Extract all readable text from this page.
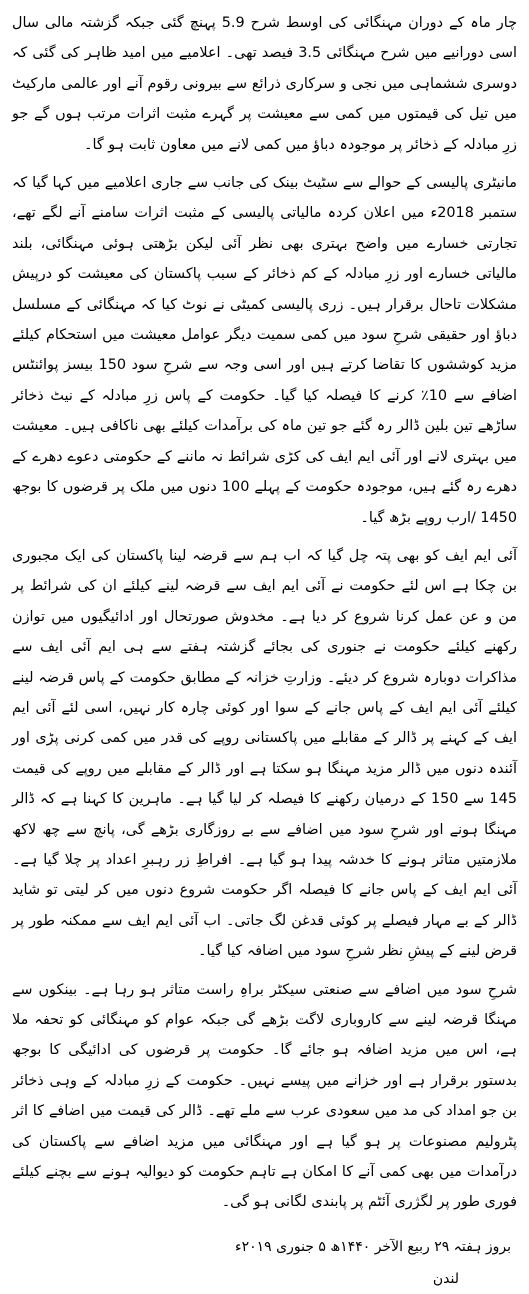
چار ماہ کے دوران مہنگائی کی اوسط شرح 5.9 پہنچ گئی جبکہ گزشتہ مالی سال اسی دورانیے میں شرح مہنگائی 3.5 فیصد تھی۔ اعلامیے میں امید ظاہر کی گئی کہ دوسری ششماہی میں نجی و سرکاری ذرائع سے بیرونی رقوم آنے اور عالمی مارکیٹ میں تیل کی قیمتوں میں کمی سے معیشت پر گہرے مثبت اثرات مرتب ہوں گے جو زرِ مبادلہ کے ذخائر پر موجودہ دباؤ میں کمی لانے میں معاون ثابت ہو گا۔

مانیٹری پالیسی کے حوالے سے سٹیٹ بینک کی جانب سے جاری اعلامیے میں کہا گیا کہ ستمبر 2018ء میں اعلان کردہ مالیاتی پالیسی کے مثبت اثرات سامنے آنے لگے تھے، تجارتی خسارے میں واضح بہتری بھی نظر آئی لیکن بڑھتی ہوئی مہنگائی، بلند مالیاتی خسارے اور زرِ مبادلہ کے کم ذخائر کے سبب پاکستان کی معیشت کو درپیش مشکلات تاحال برقرار ہیں۔ زری پالیسی کمیٹی نے نوٹ کیا کہ مہنگائی کے مسلسل دباؤ اور حقیقی شرحِ سود میں کمی سمیت دیگر عوامل معیشت میں استحکام کیلئے مزید کوششوں کا تقاضا کرتے ہیں اور اسی وجہ سے شرحِ سود 150 بیسز پوائنٹس اضافے سے 10٪ کرنے کا فیصلہ کیا گیا۔ حکومت کے پاس زرِ مبادلہ کے نیٹ ذخائر ساڑھے تین بلین ڈالر رہ گئے جو تین ماہ کی برآمدات کیلئے بھی ناکافی ہیں۔ معیشت میں بہتری لانے اور آئی ایم ایف کی کڑی شرائط نہ ماننے کے حکومتی دعوے دھرے کے دھرے رہ گئے ہیں، موجودہ حکومت کے پہلے 100 دنوں میں ملک پر قرضوں کا بوجھ 1450 /ارب روپے بڑھ گیا۔

آئی ایم ایف کو بھی پتہ چل گیا کہ اب ہم سے قرضہ لینا پاکستان کی ایک مجبوری بن چکا ہے اس لئے حکومت نے آئی ایم ایف سے قرضہ لینے کیلئے ان کی شرائط پر من و عن عمل کرنا شروع کر دیا ہے۔ مخدوش صورتحال اور ادائیگیوں میں توازن رکھنے کیلئے حکومت نے جنوری کی بجائے گزشتہ ہفتے سے ہی ایم آئی ایف سے مذاکرات دوبارہ شروع کر دیئے۔ وزارتِ خزانہ کے مطابق حکومت کے پاس قرضہ لینے کیلئے آئی ایم ایف کے پاس جانے کے سوا اور کوئی چارہ کار نہیں، اسی لئے آئی ایم ایف کے کہنے پر ڈالر کے مقابلے میں پاکستانی روپے کی قدر میں کمی کرنی پڑی اور آئندہ دنوں میں ڈالر مزید مہنگا ہو سکتا ہے اور ڈالر کے مقابلے میں روپے کی قیمت 145 سے 150 کے درمیان رکھنے کا فیصلہ کر لیا گیا ہے۔ ماہرین کا کہنا ہے کہ ڈالر مہنگا ہونے اور شرحِ سود میں اضافے سے بے روزگاری بڑھے گی، پانچ سے چھ لاکھ ملازمتیں متاثر ہونے کا خدشہ پیدا ہو گیا ہے۔ افراطِ زر رہبرِ اعداد پر چلا گیا ہے۔ آئی ایم ایف کے پاس جانے کا فیصلہ اگر حکومت شروع دنوں میں کر لیتی تو شاید ڈالر کے بے مہار فیصلے پر کوئی قدغن لگ جاتی۔ اب آئی ایم ایف سے ممکنہ طور پر قرض لینے کے پیشِ نظر شرحِ سود میں اضافہ کیا گیا۔

شرحِ سود میں اضافے سے صنعتی سیکٹر براہِ راست متاثر ہو رہا ہے۔ بینکوں سے مہنگا قرضہ لینے سے کاروباری لاگت بڑھے گی جبکہ عوام کو مہنگائی کو تحفہ ملا ہے، اس میں مزید اضافہ ہو جائے گا۔ حکومت پر قرضوں کی ادائیگی کا بوجھ بدستور برقرار ہے اور خزانے میں پیسے نہیں۔ حکومت کے زرِ مبادلہ کے وہی ذخائر بن جو امداد کی مد میں سعودی عرب سے ملے تھے۔ ڈالر کی قیمت میں اضافے کا اثر پٹرولیم مصنوعات پر ہو گیا ہے اور مہنگائی میں مزید اضافے سے پاکستان کی درآمدات میں بھی کمی آنے کا امکان ہے تاہم حکومت کو دیوالیہ ہونے سے بچنے کیلئے فوری طور پر لگژری آئٹم پر پابندی لگانی ہو گی۔

بروز ہفتہ ۲۹ ربیع الآخر ۱۴۴۰ھ ۵ جنوری ۲۰۱۹ء
لندن
